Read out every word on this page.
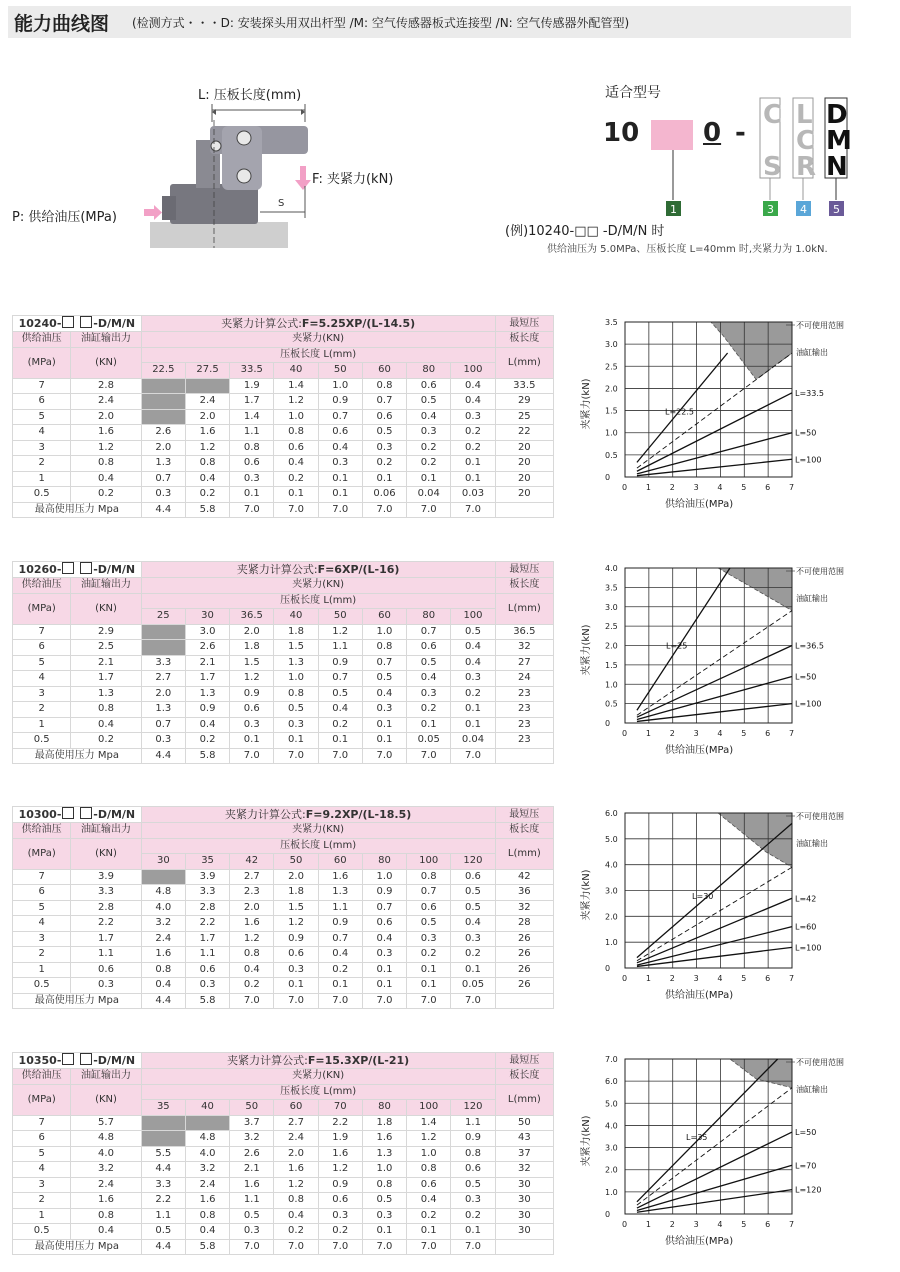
能力曲线图 (检测方式・・・D: 安装探头用双出杆型 /M: 空气传感器板式连接型 /N: 空气传感器外配管型)
L: 压板长度(mm)
F: 夹紧力(kN)
P: 供给油压(MPa)
S
适合型号
10 0 -
C
S
L
C
R
D
M
N
1	3 4 5
(例)10240-□□ -D/M/N 时
供给油压为 5.0MPa、压板长度 L=40mm 时,夹紧力为 1.0kN.
10240- -D/M/N		夹紧力计算公式:F=5.25XP/(L-14.5)								最短压
供给油压	油缸输出力	夹紧力(KN)								板长度
(MPa)	(KN)	压板长度 L(mm)								L(mm)
		22.5	27.5	33.5	40	50	60	80	100	
7	2.8			1.9	1.4	1.0	0.8	0.6	0.4	33.5
6	2.4		2.4	1.7	1.2	0.9	0.7	0.5	0.4	29
5	2.0		2.0	1.4	1.0	0.7	0.6	0.4	0.3	25
4	1.6	2.6	1.6	1.1	0.8	0.6	0.5	0.3	0.2	22
3	1.2	2.0	1.2	0.8	0.6	0.4	0.3	0.2	0.2	20
2	0.8	1.3	0.8	0.6	0.4	0.3	0.2	0.2	0.1	20
1	0.4	0.7	0.4	0.3	0.2	0.1	0.1	0.1	0.1	20
0.5	0.2	0.3	0.2	0.1	0.1	0.1	0.06	0.04	0.03	20
最高使用压力 Mpa		4.4	5.8	7.0	7.0	7.0	7.0	7.0	7.0	
10260- -D/M/N		夹紧力计算公式:F=6XP/(L-16)								最短压
供给油压	油缸输出力	夹紧力(KN)								板长度
(MPa)	(KN)	压板长度 L(mm)								L(mm)
		25	30	36.5	40	50	60	80	100	
7	2.9		3.0	2.0	1.8	1.2	1.0	0.7	0.5	36.5
6	2.5		2.6	1.8	1.5	1.1	0.8	0.6	0.4	32
5	2.1	3.3	2.1	1.5	1.3	0.9	0.7	0.5	0.4	27
4	1.7	2.7	1.7	1.2	1.0	0.7	0.5	0.4	0.3	24
3	1.3	2.0	1.3	0.9	0.8	0.5	0.4	0.3	0.2	23
2	0.8	1.3	0.9	0.6	0.5	0.4	0.3	0.2	0.1	23
1	0.4	0.7	0.4	0.3	0.3	0.2	0.1	0.1	0.1	23
0.5	0.2	0.3	0.2	0.1	0.1	0.1	0.1	0.05	0.04	23
最高使用压力 Mpa		4.4	5.8	7.0	7.0	7.0	7.0	7.0	7.0	
10300- -D/M/N		夹紧力计算公式:F=9.2XP/(L-18.5)								最短压
供给油压	油缸输出力	夹紧力(KN)								板长度
(MPa)	(KN)	压板长度 L(mm)								L(mm)
		30	35	42	50	60	80	100	120	
7	3.9		3.9	2.7	2.0	1.6	1.0	0.8	0.6	42
6	3.3	4.8	3.3	2.3	1.8	1.3	0.9	0.7	0.5	36
5	2.8	4.0	2.8	2.0	1.5	1.1	0.7	0.6	0.5	32
4	2.2	3.2	2.2	1.6	1.2	0.9	0.6	0.5	0.4	28
3	1.7	2.4	1.7	1.2	0.9	0.7	0.4	0.3	0.3	26
2	1.1	1.6	1.1	0.8	0.6	0.4	0.3	0.2	0.2	26
1	0.6	0.8	0.6	0.4	0.3	0.2	0.1	0.1	0.1	26
0.5	0.3	0.4	0.3	0.2	0.1	0.1	0.1	0.1	0.05	26
最高使用压力 Mpa		4.4	5.8	7.0	7.0	7.0	7.0	7.0	7.0	
10350- -D/M/N		夹紧力计算公式:F=15.3XP/(L-21)								最短压
供给油压	油缸输出力	夹紧力(KN)								板长度
(MPa)	(KN)	压板长度 L(mm)								L(mm)
		35	40	50	60	70	80	100	120	
7	5.7			3.7	2.7	2.2	1.8	1.4	1.1	50
6	4.8		4.8	3.2	2.4	1.9	1.6	1.2	0.9	43
5	4.0	5.5	4.0	2.6	2.0	1.6	1.3	1.0	0.8	37
4	3.2	4.4	3.2	2.1	1.6	1.2	1.0	0.8	0.6	32
3	2.4	3.3	2.4	1.6	1.2	0.9	0.8	0.6	0.5	30
2	1.6	2.2	1.6	1.1	0.8	0.6	0.5	0.4	0.3	30
1	0.8	1.1	0.8	0.5	0.4	0.3	0.3	0.2	0.2	30
0.5	0.4	0.5	0.4	0.3	0.2	0.2	0.1	0.1	0.1	30
最高使用压力 Mpa		4.4	5.8	7.0	7.0	7.0	7.0	7.0	7.0	
0 1 2 3 4 5 6 7
0
0.5
1.0
1.5
2.0
2.5
3.0
3.5
L=22.5
L=33.5
L=50
L=100
不可使用范围
油缸输出
供给油压(MPa)
夹紧力(kN)
0 1 2 3 4 5 6 7
0
0.5
1.0
1.5
2.0
2.5
3.0
3.5
4.0
L=25	L=36.5
L=50
L=100
不可使用范围
油缸输出
供给油压(MPa)
夹紧力(kN)
0 1 2 3 4 5 6 7
0
1.0
2.0
3.0
4.0
5.0
6.0
L=30	L=42
L=60
L=100
不可使用范围
油缸输出
供给油压(MPa)
夹紧力(kN)
0 1 2 3 4 5 6 7
0
1.0
2.0
3.0
4.0
5.0
6.0
7.0
L=35
L=50
L=70
L=120
不可使用范围
油缸输出
供给油压(MPa)
夹紧力(kN)
